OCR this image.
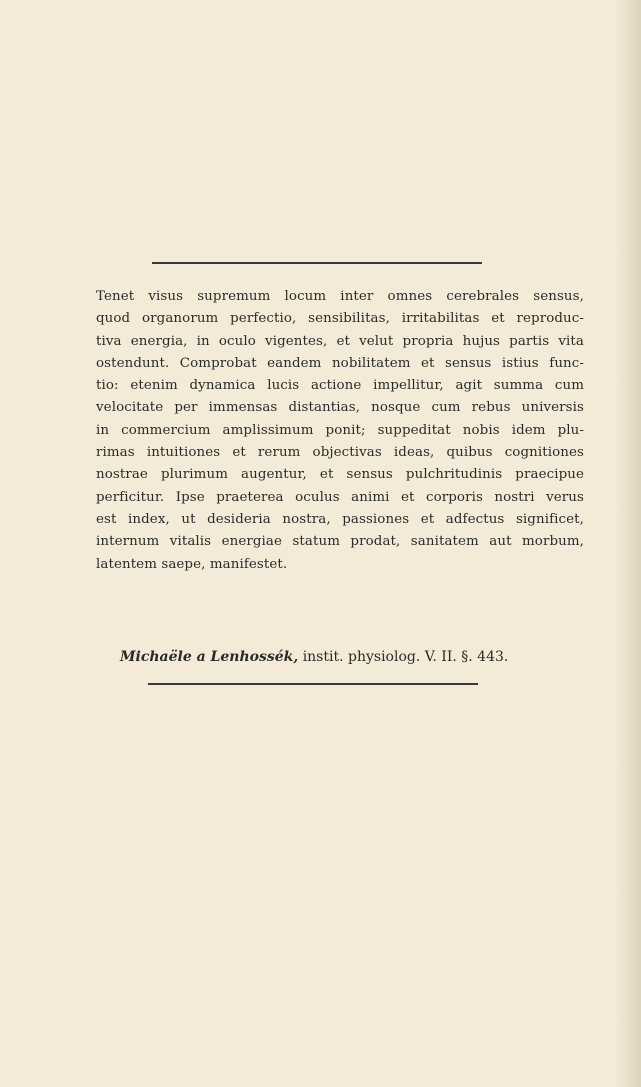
Tenet visus supremum locum inter omnes cerebrales sensus,
quod organorum perfectio, sensibilitas, irritabilitas et reproduc-
tiva energia, in oculo vigentes, et velut propria hujus partis vita
ostendunt. Comprobat eandem nobilitatem et sensus istius func-
tio: etenim dynamica lucis actione impellitur, agit summa cum
velocitate per immensas distantias, nosque cum rebus universis
in commercium amplissimum ponit; suppeditat nobis idem plu-
rimas intuitiones et rerum objectivas ideas, quibus cognitiones
nostrae plurimum augentur, et sensus pulchritudinis praecipue
perficitur. Ipse praeterea oculus animi et corporis nostri verus
est index, ut desideria nostra, passiones et adfectus significet,
internum vitalis energiae statum prodat, sanitatem aut morbum,
latentem saepe, manifestet.

Michaële a Lenhossék, instit. physiolog. V. II. §. 443.
